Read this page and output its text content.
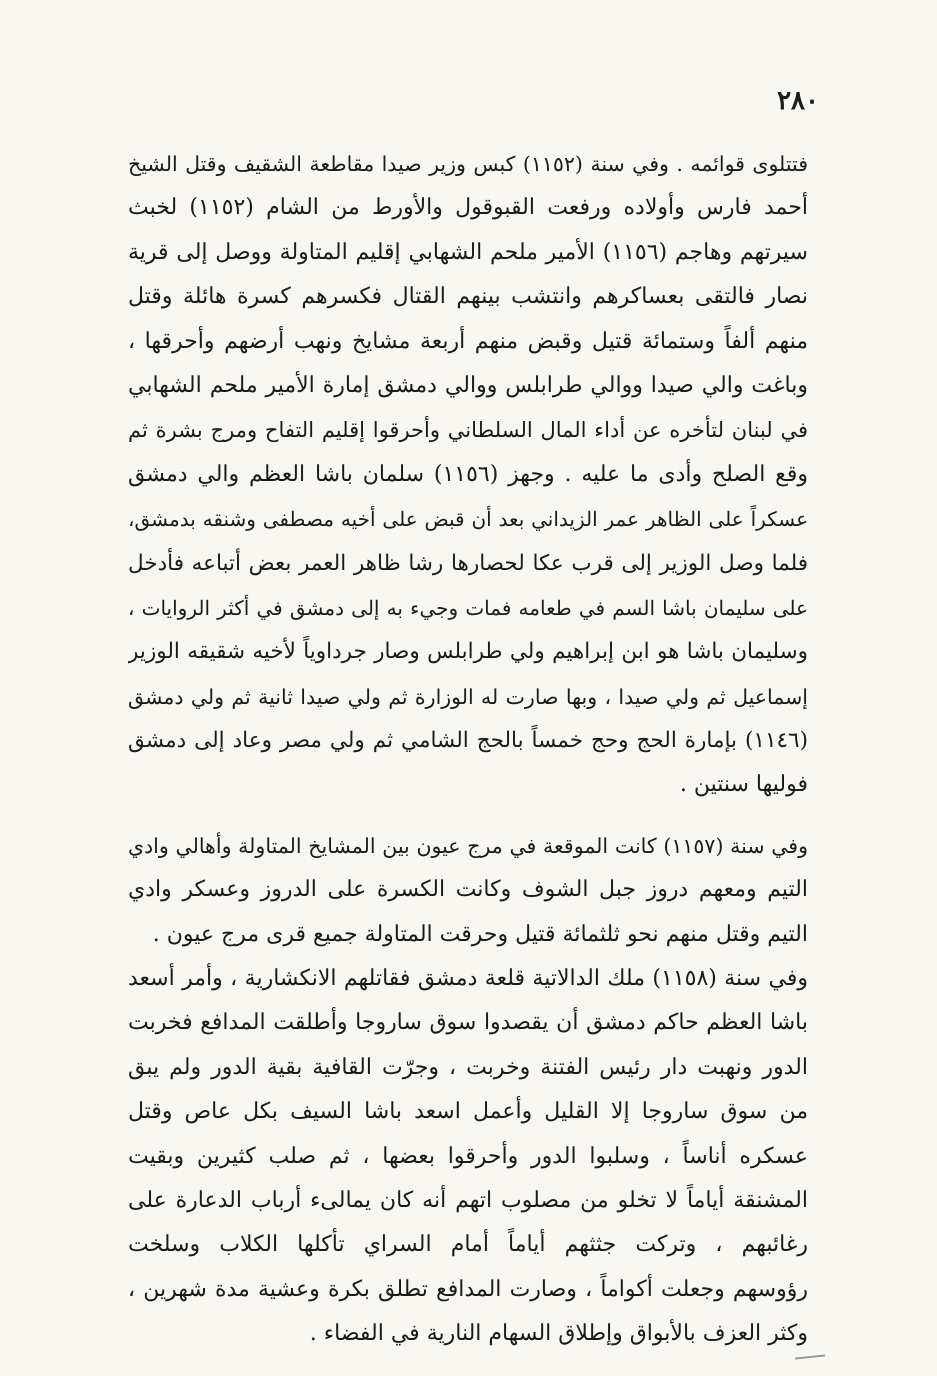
٢٨٠
فتتلوى قوائمه . وفي سنة (١١٥٢) كبس وزير صيدا مقاطعة الشقيف وقتل الشيخ
أحمد فارس وأولاده ورفعت القبوقول والأورط من الشام (١١٥٢) لخبث
سيرتهم وهاجم (١١٥٦) الأمير ملحم الشهابي إقليم المتاولة ووصل إلى قرية
نصار فالتقى بعساكرهم وانتشب بينهم القتال فكسرهم كسرة هائلة وقتل
منهم ألفاً وستمائة قتيل وقبض منهم أربعة مشايخ ونهب أرضهم وأحرقها ،
وباغت والي صيدا ووالي طرابلس ووالي دمشق إمارة الأمير ملحم الشهابي
في لبنان لتأخره عن أداء المال السلطاني وأحرقوا إقليم التفاح ومرج بشرة ثم
وقع الصلح وأدى ما عليه . وجهز (١١٥٦) سلمان باشا العظم والي دمشق
عسكراً على الظاهر عمر الزيداني بعد أن قبض على أخيه مصطفى وشنقه بدمشق،
فلما وصل الوزير إلى قرب عكا لحصارها رشا ظاهر العمر بعض أتباعه فأدخل
على سليمان باشا السم في طعامه فمات وجيء به إلى دمشق في أكثر الروايات ،
وسليمان باشا هو ابن إبراهيم ولي طرابلس وصار جرداوياً لأخيه شقيقه الوزير
إسماعيل ثم ولي صيدا ، وبها صارت له الوزارة ثم ولي صيدا ثانية ثم ولي دمشق
(١١٤٦) بإمارة الحج وحج خمساً بالحج الشامي ثم ولي مصر وعاد إلى دمشق
فوليها سنتين .
وفي سنة (١١٥٧) كانت الموقعة في مرج عيون بين المشايخ المتاولة وأهالي وادي
التيم ومعهم دروز جبل الشوف وكانت الكسرة على الدروز وعسكر وادي
التيم وقتل منهم نحو ثلثمائة قتيل وحرقت المتاولة جميع قرى مرج عيون .
وفي سنة (١١٥٨) ملك الدالاتية قلعة دمشق فقاتلهم الانكشارية ، وأمر أسعد
باشا العظم حاكم دمشق أن يقصدوا سوق ساروجا وأطلقت المدافع فخربت
الدور ونهبت دار رئيس الفتنة وخربت ، وجرّت القافية بقية الدور ولم يبق
من سوق ساروجا إلا القليل وأعمل اسعد باشا السيف بكل عاص وقتل
عسكره أناساً ، وسلبوا الدور وأحرقوا بعضها ، ثم صلب كثيرين وبقيت
المشنقة أياماً لا تخلو من مصلوب اتهم أنه كان يمالىء أرباب الدعارة على
رغائبهم ، وتركت جثثهم أياماً أمام السراي تأكلها الكلاب وسلخت
رؤوسهم وجعلت أكواماً ، وصارت المدافع تطلق بكرة وعشية مدة شهرين ،
وكثر العزف بالأبواق وإطلاق السهام النارية في الفضاء .
